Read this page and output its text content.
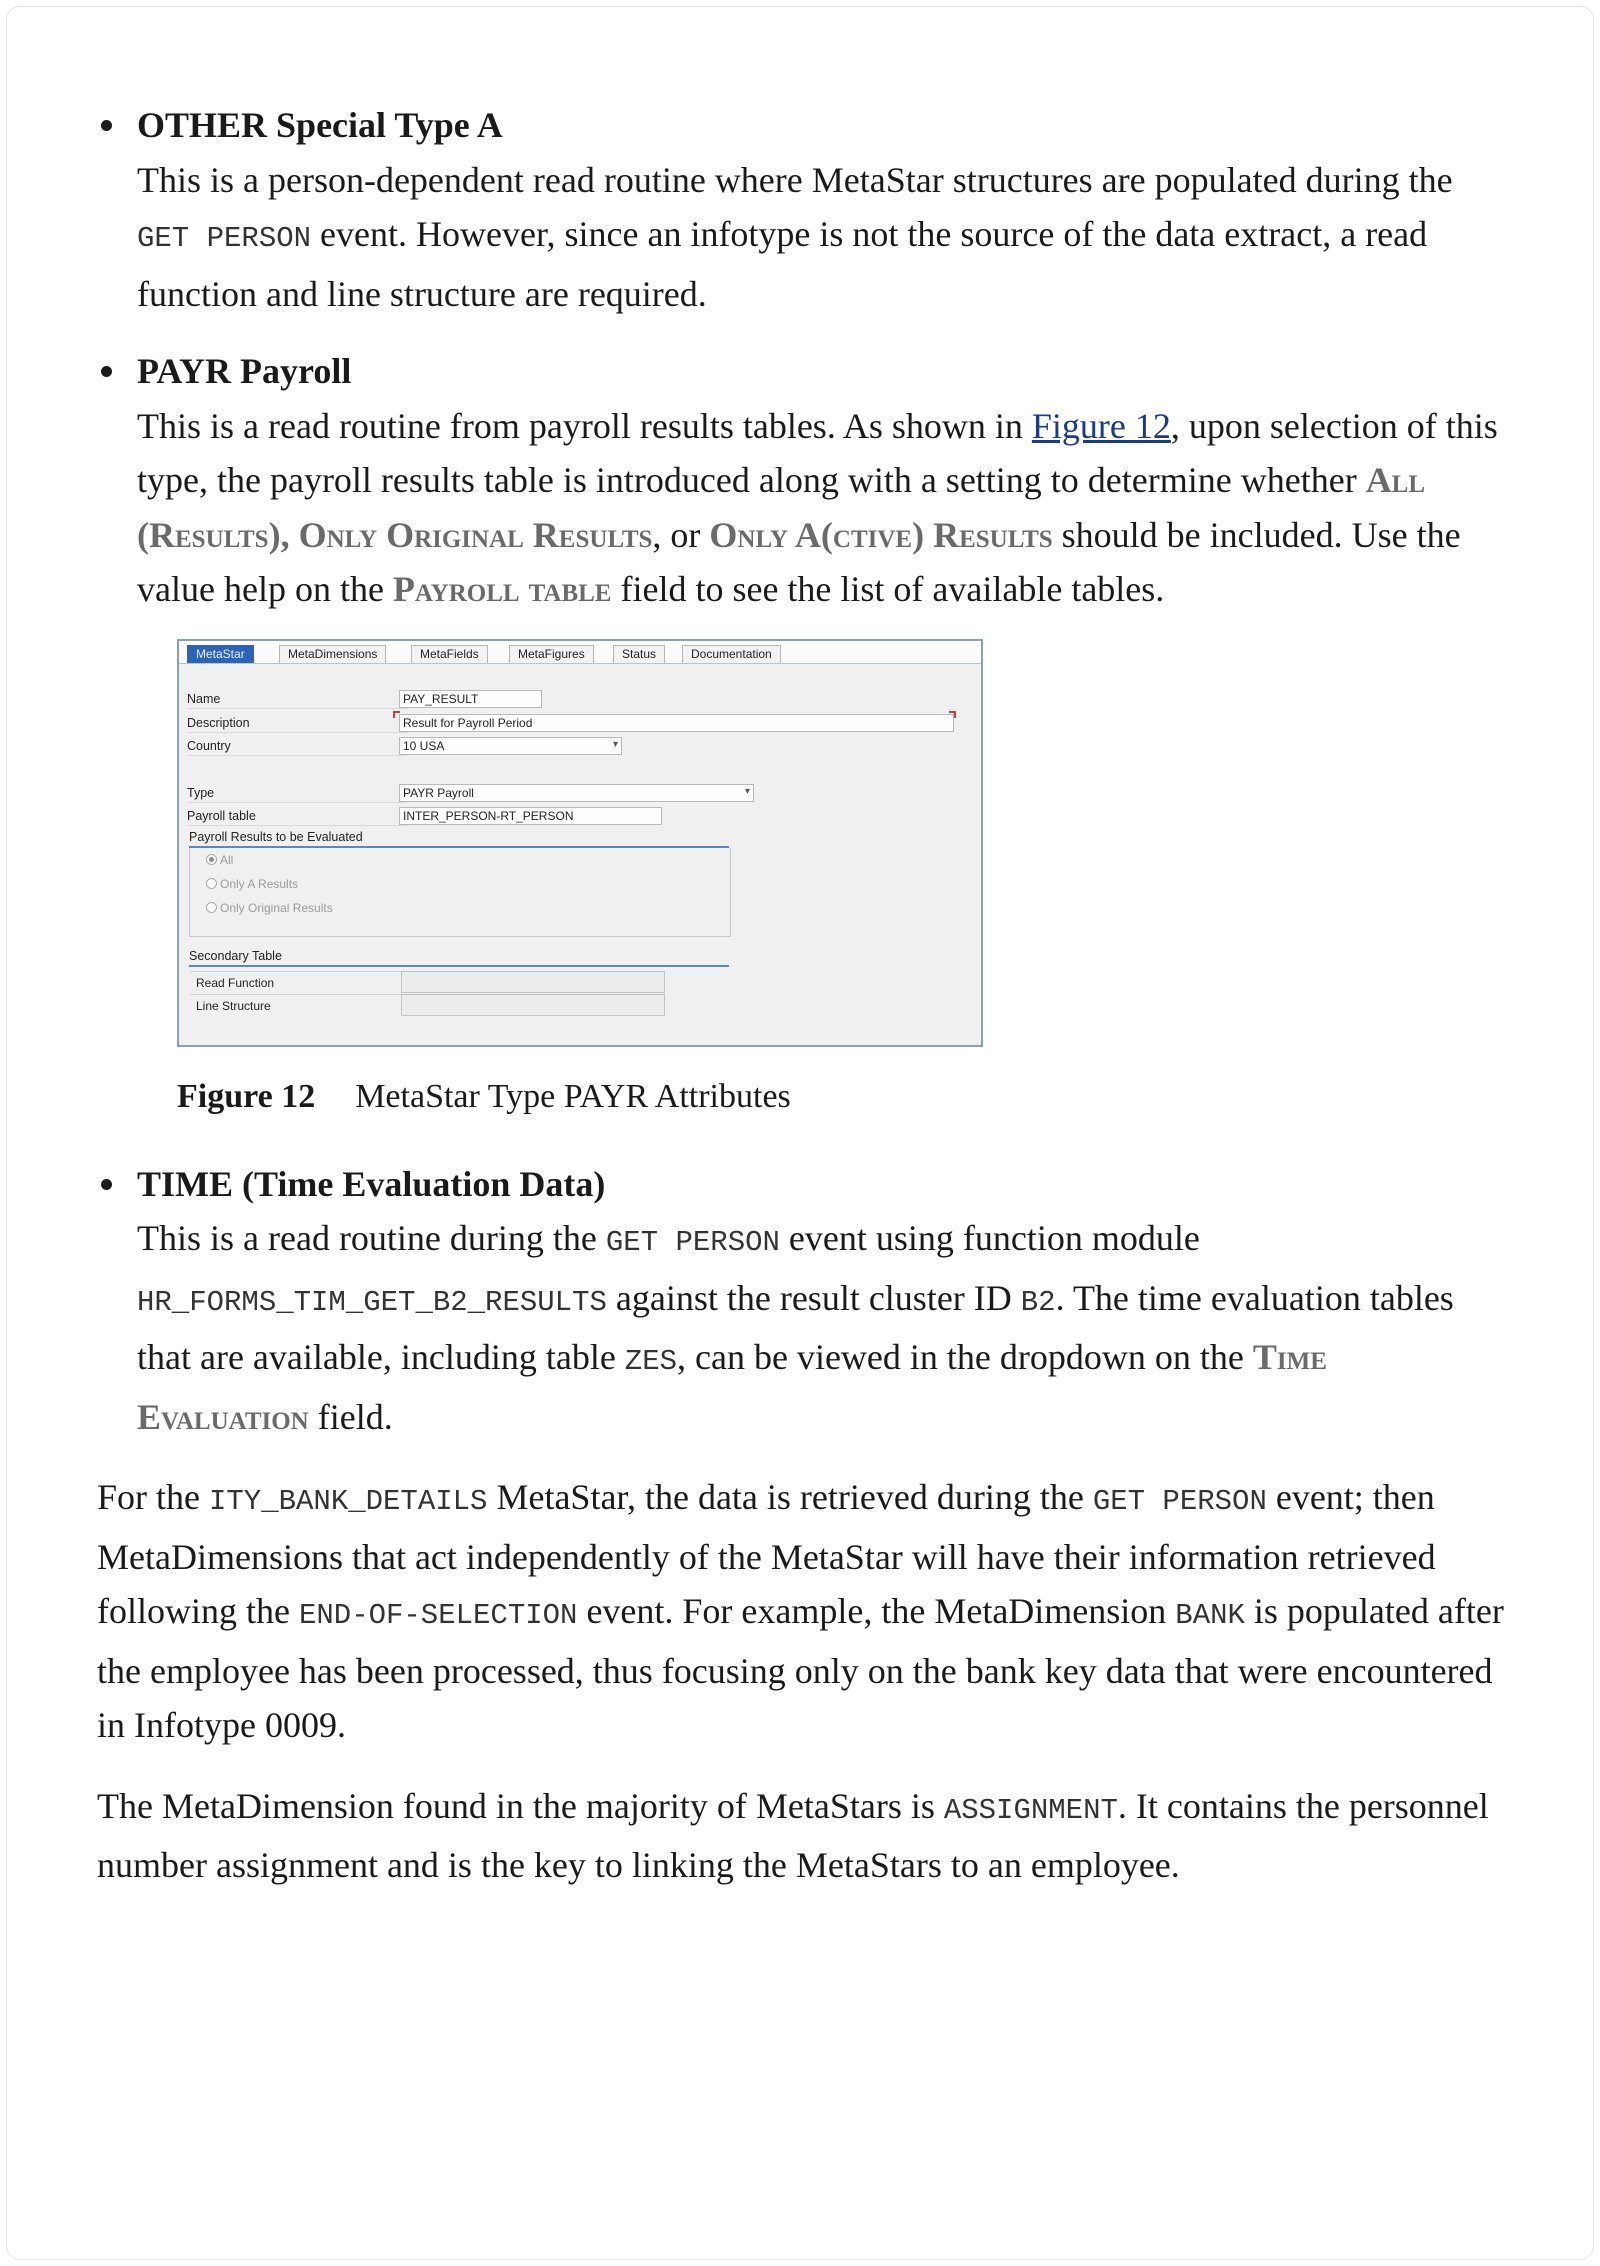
OTHER Special Type A
This is a person-dependent read routine where MetaStar structures are populated during the GET PERSON event. However, since an infotype is not the source of the data extract, a read function and line structure are required.
PAYR Payroll
This is a read routine from payroll results tables. As shown in Figure 12, upon selection of this type, the payroll results table is introduced along with a setting to determine whether All (Results), Only Original Results, or Only A(ctive) Results should be included. Use the value help on the Payroll table field to see the list of available tables.
MetaStar	MetaDimensions	MetaFields	MetaFigures	Status	Documentation
Name	PAY_RESULT
Description	Result for Payroll Period
Country	10 USA	▾
Type	PAYR Payroll	▾
Payroll table	INTER_PERSON-RT_PERSON
Payroll Results to be Evaluated
All
Only A Results
Only Original Results
Secondary Table
Read Function
Line Structure
Figure 12 MetaStar Type PAYR Attributes
TIME (Time Evaluation Data)
This is a read routine during the GET PERSON event using function module HR_FORMS_TIM_GET_B2_RESULTS against the result cluster ID B2. The time evaluation tables that are available, including table ZES, can be viewed in the dropdown on the Time Evaluation field.

For the ITY_BANK_DETAILS MetaStar, the data is retrieved during the GET PERSON event; then MetaDimensions that act independently of the MetaStar will have their information retrieved following the END-OF-SELECTION event. For example, the MetaDimension BANK is populated after the employee has been processed, thus focusing only on the bank key data that were encountered in Infotype 0009.

The MetaDimension found in the majority of MetaStars is ASSIGNMENT. It contains the personnel number assignment and is the key to linking the MetaStars to an employee.
